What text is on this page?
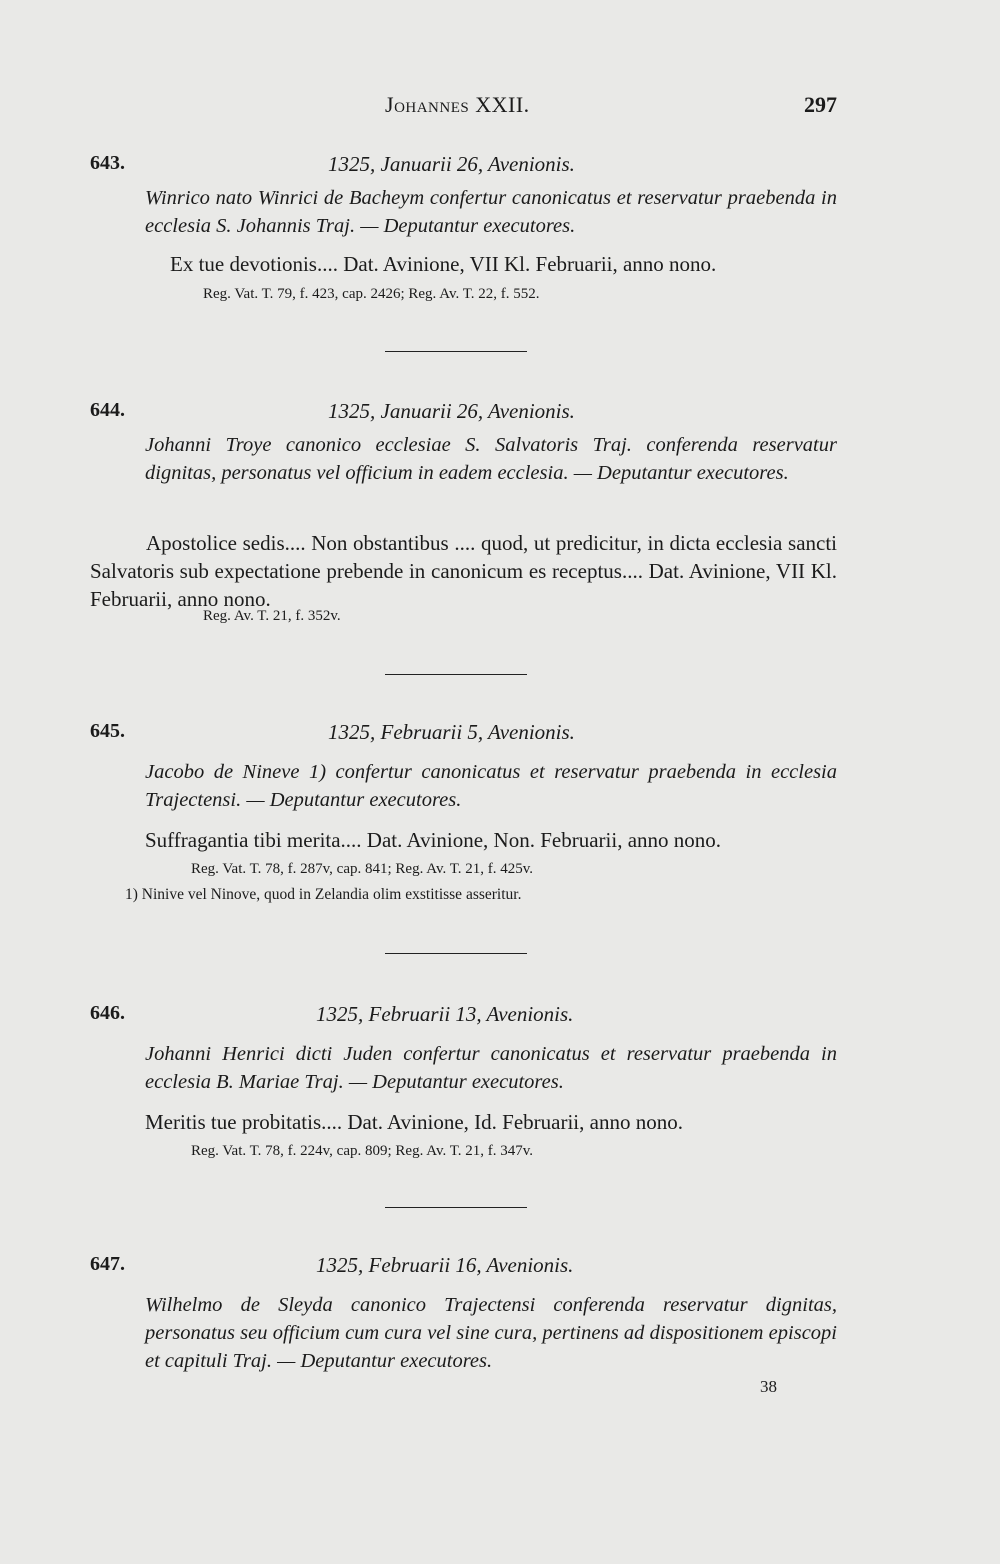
Johannes XXII.	297
643.	1325, Januarii 26, Avenionis.
Winrico nato Winrici de Bacheym confertur canonicatus et reservatur praebenda in ecclesia S. Johannis Traj. — Deputantur executores.
Ex tue devotionis.... Dat. Avinione, VII Kl. Februarii, anno nono.
Reg. Vat. T. 79, f. 423, cap. 2426; Reg. Av. T. 22, f. 552.
644.	1325, Januarii 26, Avenionis.
Johanni Troye canonico ecclesiae S. Salvatoris Traj. conferenda reservatur dignitas, personatus vel officium in eadem ecclesia. — Deputantur executores.
Apostolice sedis.... Non obstantibus .... quod, ut predicitur, in dicta ecclesia sancti Salvatoris sub expectatione prebende in canonicum es receptus.... Dat. Avinione, VII Kl. Februarii, anno nono.
Reg. Av. T. 21, f. 352v.
645.	1325, Februarii 5, Avenionis.
Jacobo de Nineve 1) confertur canonicatus et reservatur praebenda in ecclesia Trajectensi. — Deputantur executores.
Suffragantia tibi merita.... Dat. Avinione, Non. Februarii, anno nono.
Reg. Vat. T. 78, f. 287v, cap. 841; Reg. Av. T. 21, f. 425v.
1) Ninive vel Ninove, quod in Zelandia olim exstitisse asseritur.
646.	1325, Februarii 13, Avenionis.
Johanni Henrici dicti Juden confertur canonicatus et reservatur praebenda in ecclesia B. Mariae Traj. — Deputantur executores.
Meritis tue probitatis.... Dat. Avinione, Id. Februarii, anno nono.
Reg. Vat. T. 78, f. 224v, cap. 809; Reg. Av. T. 21, f. 347v.
647.	1325, Februarii 16, Avenionis.
Wilhelmo de Sleyda canonico Trajectensi conferenda reservatur dignitas, personatus seu officium cum cura vel sine cura, pertinens ad dispositionem episcopi et capituli Traj. — Deputantur executores.
38
